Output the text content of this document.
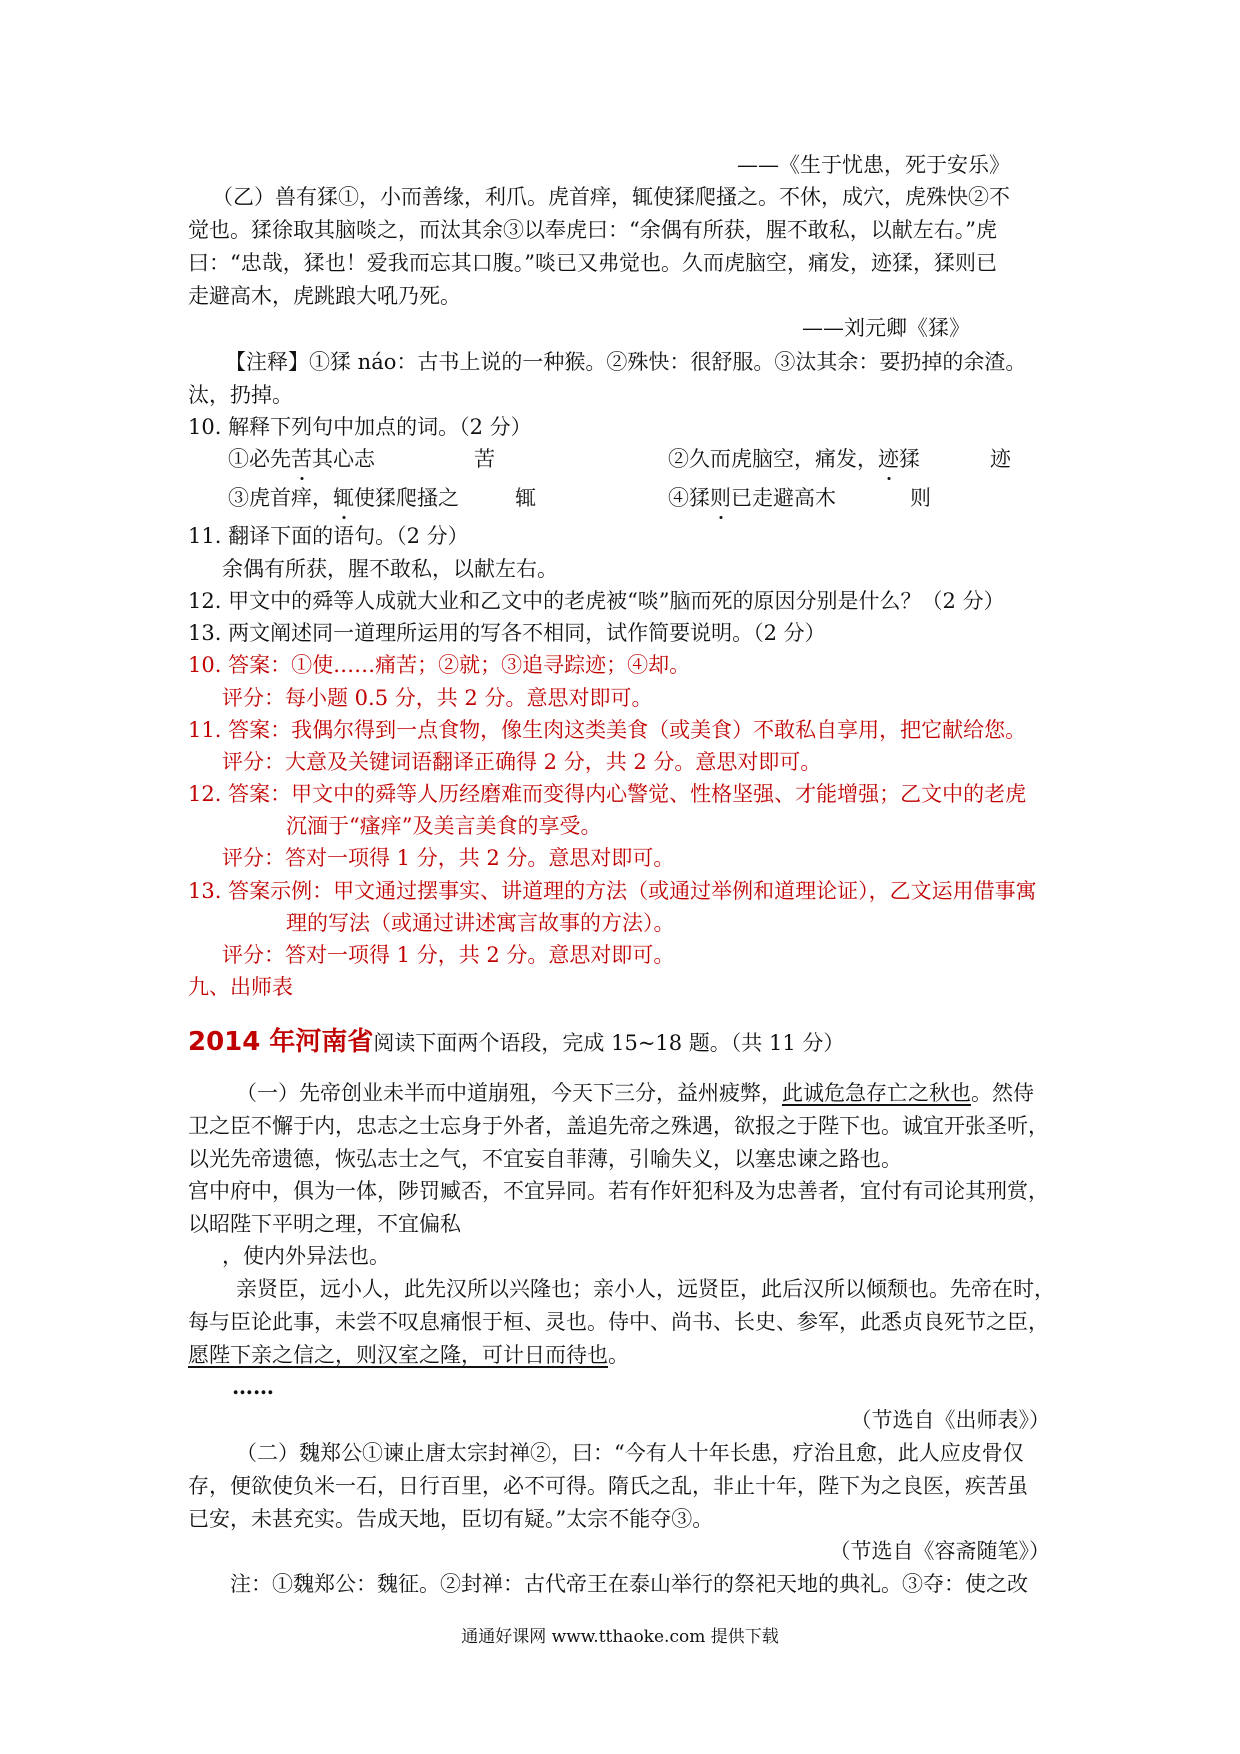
——《生于忧患，死于安乐》
（乙）兽有猱①，小而善缘，利爪。虎首痒，辄使猱爬搔之。不休，成穴，虎殊快②不
觉也。猱徐取其脑啖之，而汰其余③以奉虎曰：“余偶有所获，腥不敢私，以献左右。”虎
曰：“忠哉，猱也！爱我而忘其口腹。”啖已又弗觉也。久而虎脑空，痛发，迹猱，猱则已
走避高木，虎跳踉大吼乃死。
——刘元卿《猱》
【注释】①猱 náo：古书上说的一种猴。②殊快：很舒服。③汰其余：要扔掉的余渣。
汰，扔掉。
10. 解释下列句中加点的词。（2 分）
①必先苦其心志	苦	②久而虎脑空，痛发，迹猱	迹
③虎首痒，辄使猱爬搔之	辄	④猱则已走避高木	则
11. 翻译下面的语句。（2 分）
余偶有所获，腥不敢私，以献左右。
12. 甲文中的舜等人成就大业和乙文中的老虎被“啖”脑而死的原因分别是什么？（2 分）
13. 两文阐述同一道理所运用的写各不相同，试作简要说明。（2 分）
10. 答案：①使……痛苦；②就；③追寻踪迹；④却。
评分：每小题 0.5 分，共 2 分。意思对即可。
11. 答案：我偶尔得到一点食物，像生肉这类美食（或美食）不敢私自享用，把它献给您。
评分：大意及关键词语翻译正确得 2 分，共 2 分。意思对即可。
12. 答案：甲文中的舜等人历经磨难而变得内心警觉、性格坚强、才能增强；乙文中的老虎
沉湎于“瘙痒”及美言美食的享受。
评分：答对一项得 1 分，共 2 分。意思对即可。
13. 答案示例：甲文通过摆事实、讲道理的方法（或通过举例和道理论证），乙文运用借事寓
理的写法（或通过讲述寓言故事的方法）。
评分：答对一项得 1 分，共 2 分。意思对即可。
九、出师表
2014 年河南省阅读下面两个语段，完成 15~18 题。（共 11 分）
（一）先帝创业未半而中道崩殂，今天下三分，益州疲弊，此诚危急存亡之秋也。然侍
卫之臣不懈于内，忠志之士忘身于外者，盖追先帝之殊遇，欲报之于陛下也。诚宜开张圣听，
以光先帝遗德，恢弘志士之气，不宜妄自菲薄，引喻失义，以塞忠谏之路也。
宫中府中，俱为一体，陟罚臧否，不宜异同。若有作奸犯科及为忠善者，宜付有司论其刑赏，
以昭陛下平明之理，不宜偏私
，使内外异法也。
亲贤臣，远小人，此先汉所以兴隆也；亲小人，远贤臣，此后汉所以倾颓也。先帝在时，
每与臣论此事，未尝不叹息痛恨于桓、灵也。侍中、尚书、长史、参军，此悉贞良死节之臣，
愿陛下亲之信之，则汉室之隆，可计日而待也。
……
（节选自《出师表》）
（二）魏郑公①谏止唐太宗封禅②，曰：“今有人十年长患，疗治且愈，此人应皮骨仅
存，便欲使负米一石，日行百里，必不可得。隋氏之乱，非止十年，陛下为之良医，疾苦虽
已安，未甚充实。告成天地，臣切有疑。”太宗不能夺③。
（节选自《容斋随笔》）
注：①魏郑公：魏征。②封禅：古代帝王在泰山举行的祭祀天地的典礼。③夺：使之改
通通好课网 www.tthaoke.com 提供下载
